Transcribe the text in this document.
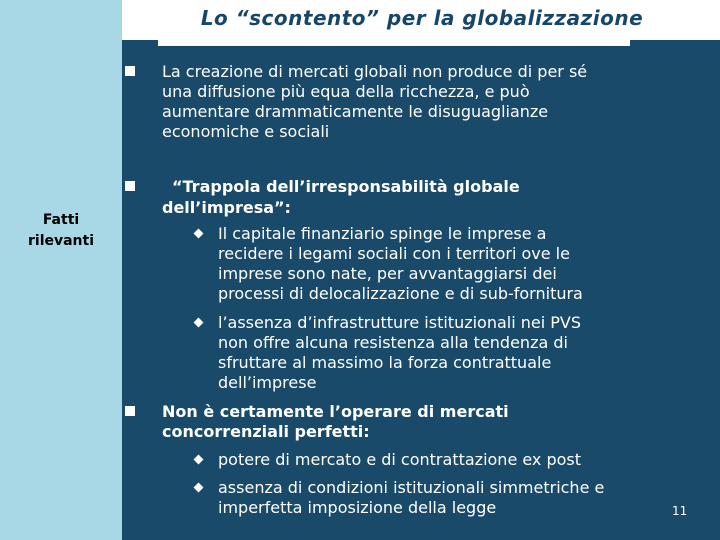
Fatti
rilevanti
Lo “scontento” per la globalizzazione
La creazione di mercati globali non produce di per sé
una diffusione più equa della ricchezza, e può
aumentare drammaticamente le disuguaglianze
economiche e sociali
“Trappola dell’irresponsabilità globale
dell’impresa”:
Il capitale finanziario spinge le imprese a
recidere i legami sociali con i territori ove le
imprese sono nate, per avvantaggiarsi dei
processi di delocalizzazione e di sub-fornitura
l’assenza d’infrastrutture istituzionali nei PVS
non offre alcuna resistenza alla tendenza di
sfruttare al massimo la forza contrattuale
dell’imprese
Non è certamente l’operare di mercati
concorrenziali perfetti:
potere di mercato e di contrattazione ex post
assenza di condizioni istituzionali simmetriche e
imperfetta imposizione della legge	11
